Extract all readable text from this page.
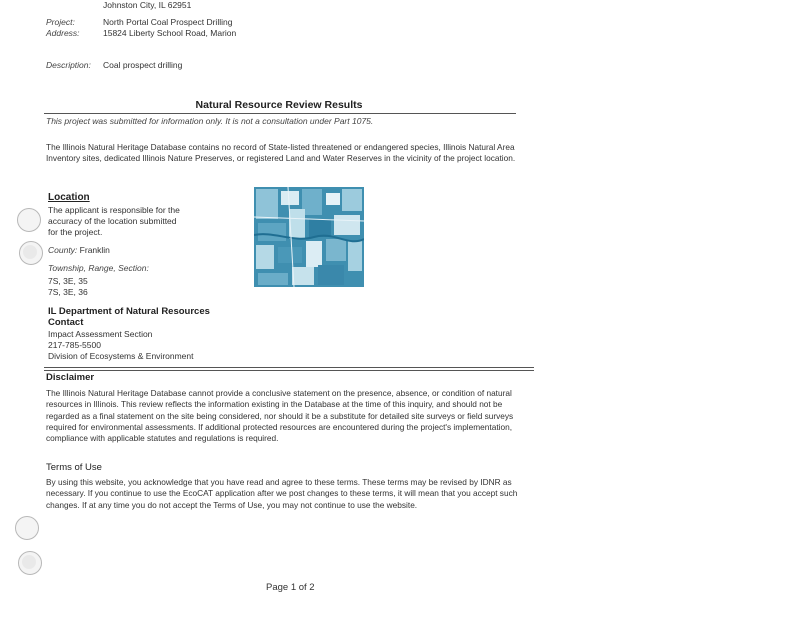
Johnston City, IL 62951
Project:	North Portal Coal Prospect Drilling
Address:	15824 Liberty School Road, Marion
Description: Coal prospect drilling
Natural Resource Review Results
This project was submitted for information only. It is not a consultation under Part 1075.
The Illinois Natural Heritage Database contains no record of State-listed threatened or endangered species, Illinois Natural Area Inventory sites, dedicated Illinois Nature Preserves, or registered Land and Water Reserves in the vicinity of the project location.
Location
The applicant is responsible for the
accuracy of the location submitted
for the project.
County: Franklin
Township, Range, Section:
7S, 3E, 35
7S, 3E, 36
IL Department of Natural Resources
Contact
Impact Assessment Section
217-785-5500
Division of Ecosystems & Environment
Disclaimer
The Illinois Natural Heritage Database cannot provide a conclusive statement on the presence, absence, or condition of natural resources in Illinois. This review reflects the information existing in the Database at the time of this inquiry, and should not be regarded as a final statement on the site being considered, nor should it be a substitute for detailed site surveys or field surveys required for environmental assessments. If additional protected resources are encountered during the project's implementation, compliance with applicable statutes and regulations is required.
Terms of Use
By using this website, you acknowledge that you have read and agree to these terms. These terms may be revised by IDNR as necessary. If you continue to use the EcoCAT application after we post changes to these terms, it will mean that you accept such changes. If at any time you do not accept the Terms of Use, you may not continue to use the website.
Page 1 of 2
